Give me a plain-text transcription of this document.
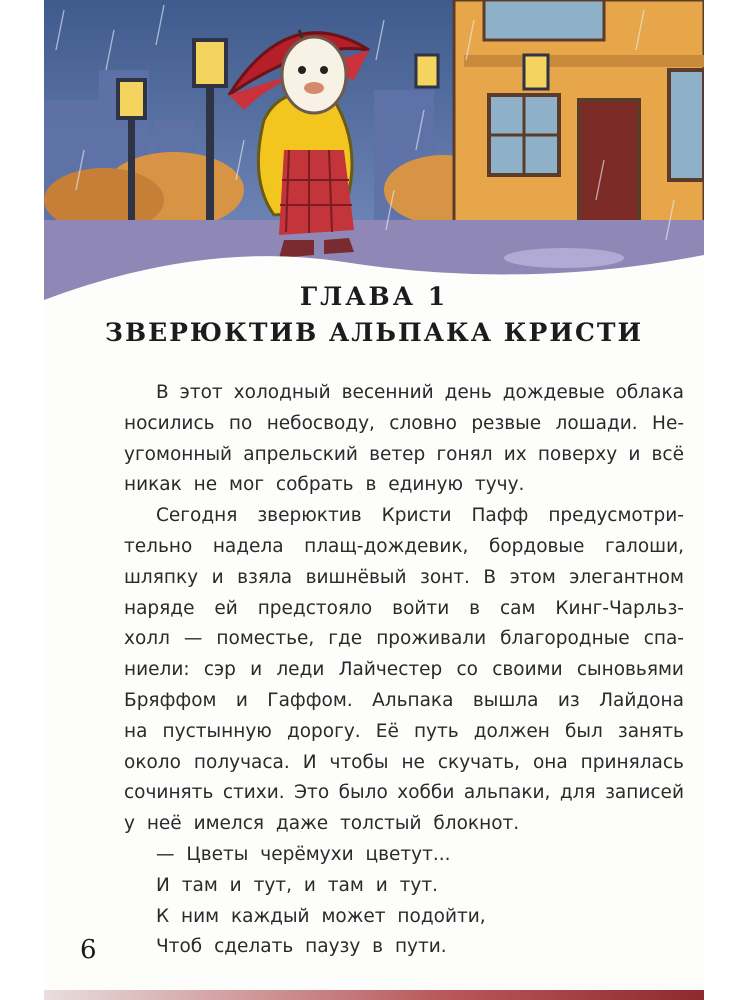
ГЛАВА 1
ЗВЕРЮКТИВ АЛЬПАКА КРИСТИ
В этот холодный весенний день дождевые облака
носились по небосводу, словно резвые лошади. Не-
угомонный апрельский ветер гонял их поверху и всё
никак не мог собрать в единую тучу.
Сегодня зверюктив Кристи Пафф предусмотри-
тельно надела плащ-дождевик, бордовые галоши,
шляпку и взяла вишнёвый зонт. В этом элегантном
наряде ей предстояло войти в сам Кинг-Чарльз-
холл — поместье, где проживали благородные спа-
ниели: сэр и леди Лайчестер со своими сыновьями
Бряффом и Гаффом. Альпака вышла из Лайдона
на пустынную дорогу. Её путь должен был занять
около получаса. И чтобы не скучать, она принялась
сочинять стихи. Это было хобби альпаки, для записей
у неё имелся даже толстый блокнот.
— Цветы черёмухи цветут...
И там и тут, и там и тут.
К ним каждый может подойти,
Чтоб сделать паузу в пути.
6
